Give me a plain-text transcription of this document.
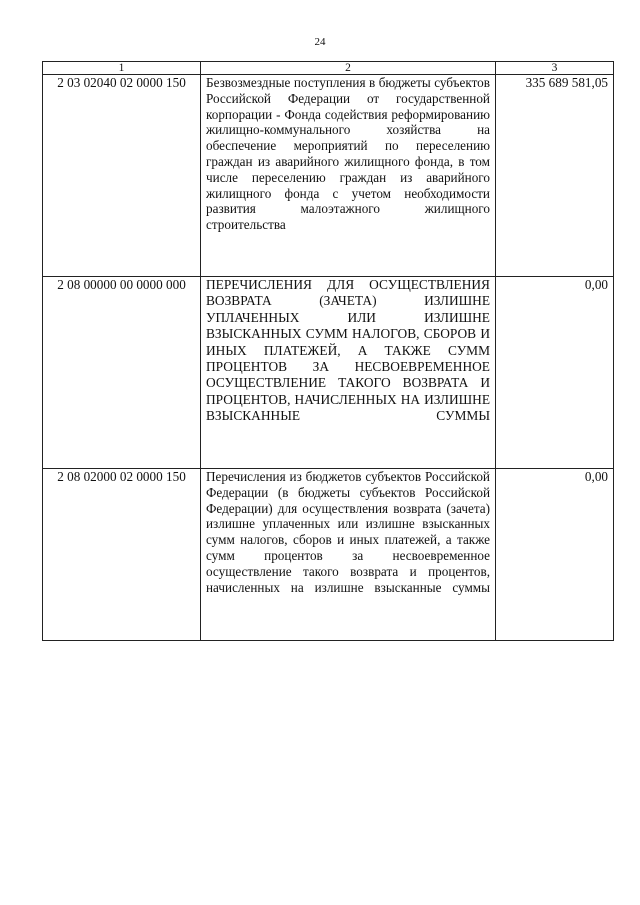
24
1	2	3
2 03 02040 02 0000 150	Безвозмездные поступления в бюджеты субъектов Российской Федерации от государственной корпорации - Фонда содействия реформированию жилищно-коммунального хозяйства на обеспечение мероприятий по переселению граждан из аварийного жилищного фонда, в том числе переселению граждан из аварийного жилищного фонда с учетом необходимости развития малоэтажного жилищного строительства	335 689 581,05
2 08 00000 00 0000 000	ПЕРЕЧИСЛЕНИЯ ДЛЯ ОСУЩЕСТВЛЕНИЯ ВОЗВРАТА (ЗАЧЕТА) ИЗЛИШНЕ УПЛАЧЕННЫХ ИЛИ ИЗЛИШНЕ ВЗЫСКАННЫХ СУММ НАЛОГОВ, СБОРОВ И ИНЫХ ПЛАТЕЖЕЙ, А ТАКЖЕ СУММ ПРОЦЕНТОВ ЗА НЕСВОЕВРЕМЕННОЕ ОСУЩЕСТВЛЕНИЕ ТАКОГО ВОЗВРАТА И ПРОЦЕНТОВ, НАЧИСЛЕННЫХ НА ИЗЛИШНЕ ВЗЫСКАННЫЕ СУММЫ	0,00
2 08 02000 02 0000 150	Перечисления из бюджетов субъектов Российской Федерации (в бюджеты субъектов Российской Федерации) для осуществления возврата (зачета) излишне уплаченных или излишне взысканных сумм налогов, сборов и иных платежей, а также сумм процентов за несвоевременное осуществление такого возврата и процентов, начисленных на излишне взысканные суммы	0,00
